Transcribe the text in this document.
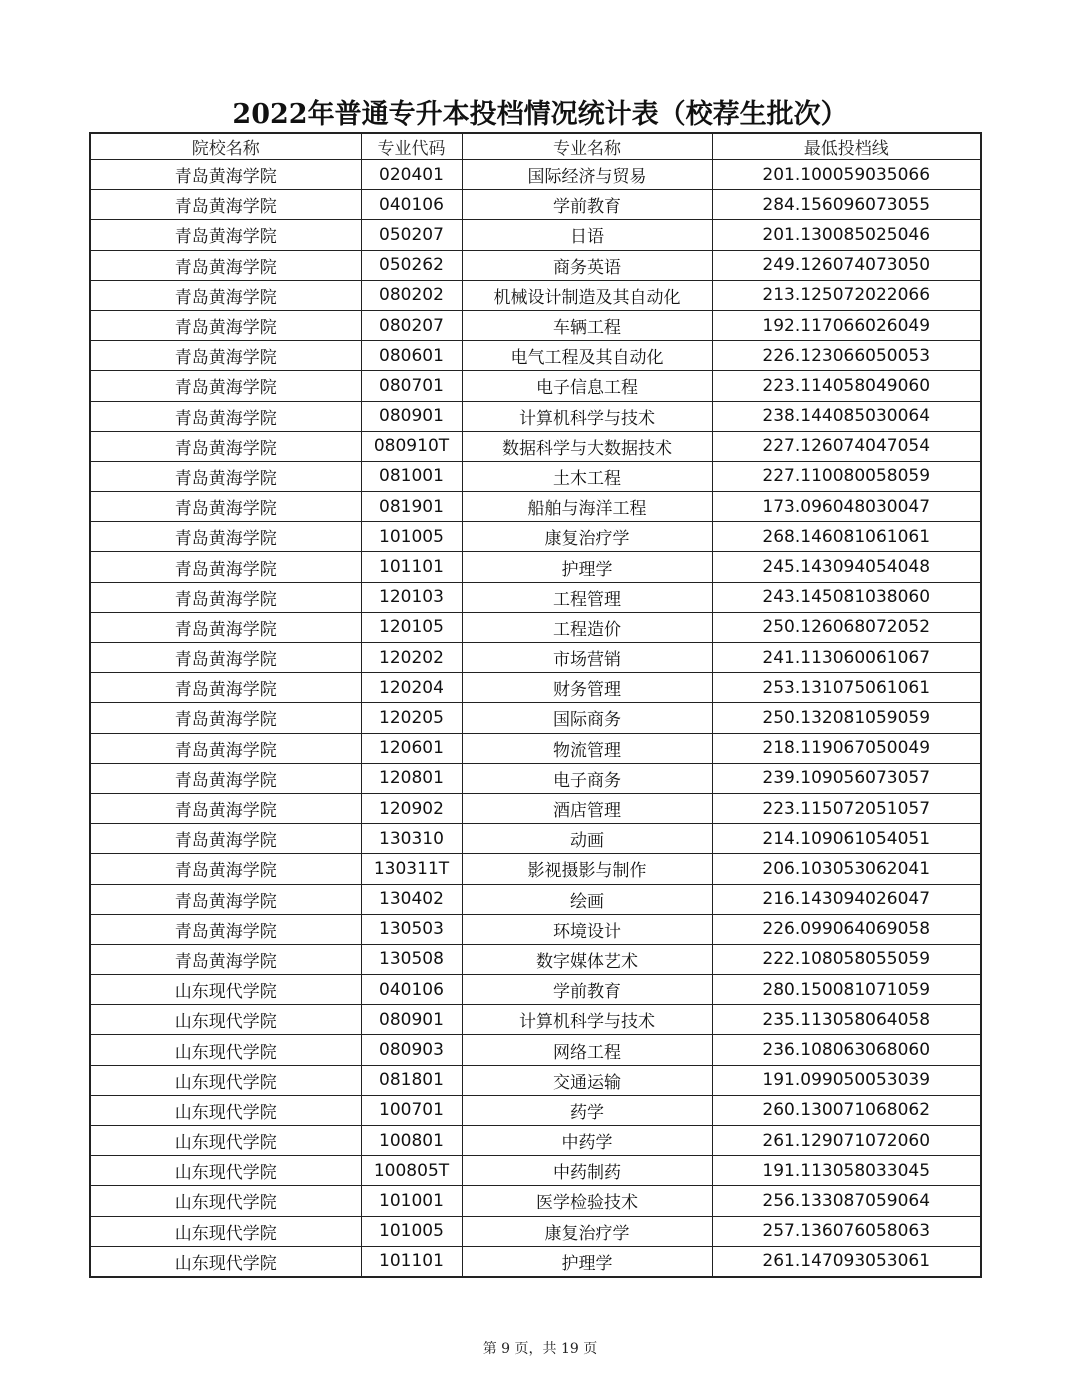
2022年普通专升本投档情况统计表（校荐生批次）
院校名称	专业代码	专业名称	最低投档线
青岛黄海学院	020401	国际经济与贸易	201.100059035066
青岛黄海学院	040106	学前教育	284.156096073055
青岛黄海学院	050207	日语	201.130085025046
青岛黄海学院	050262	商务英语	249.126074073050
青岛黄海学院	080202	机械设计制造及其自动化	213.125072022066
青岛黄海学院	080207	车辆工程	192.117066026049
青岛黄海学院	080601	电气工程及其自动化	226.123066050053
青岛黄海学院	080701	电子信息工程	223.114058049060
青岛黄海学院	080901	计算机科学与技术	238.144085030064
青岛黄海学院	080910T	数据科学与大数据技术	227.126074047054
青岛黄海学院	081001	土木工程	227.110080058059
青岛黄海学院	081901	船舶与海洋工程	173.096048030047
青岛黄海学院	101005	康复治疗学	268.146081061061
青岛黄海学院	101101	护理学	245.143094054048
青岛黄海学院	120103	工程管理	243.145081038060
青岛黄海学院	120105	工程造价	250.126068072052
青岛黄海学院	120202	市场营销	241.113060061067
青岛黄海学院	120204	财务管理	253.131075061061
青岛黄海学院	120205	国际商务	250.132081059059
青岛黄海学院	120601	物流管理	218.119067050049
青岛黄海学院	120801	电子商务	239.109056073057
青岛黄海学院	120902	酒店管理	223.115072051057
青岛黄海学院	130310	动画	214.109061054051
青岛黄海学院	130311T	影视摄影与制作	206.103053062041
青岛黄海学院	130402	绘画	216.143094026047
青岛黄海学院	130503	环境设计	226.099064069058
青岛黄海学院	130508	数字媒体艺术	222.108058055059
山东现代学院	040106	学前教育	280.150081071059
山东现代学院	080901	计算机科学与技术	235.113058064058
山东现代学院	080903	网络工程	236.108063068060
山东现代学院	081801	交通运输	191.099050053039
山东现代学院	100701	药学	260.130071068062
山东现代学院	100801	中药学	261.129071072060
山东现代学院	100805T	中药制药	191.113058033045
山东现代学院	101001	医学检验技术	256.133087059064
山东现代学院	101005	康复治疗学	257.136076058063
山东现代学院	101101	护理学	261.147093053061
第 9 页，共 19 页
